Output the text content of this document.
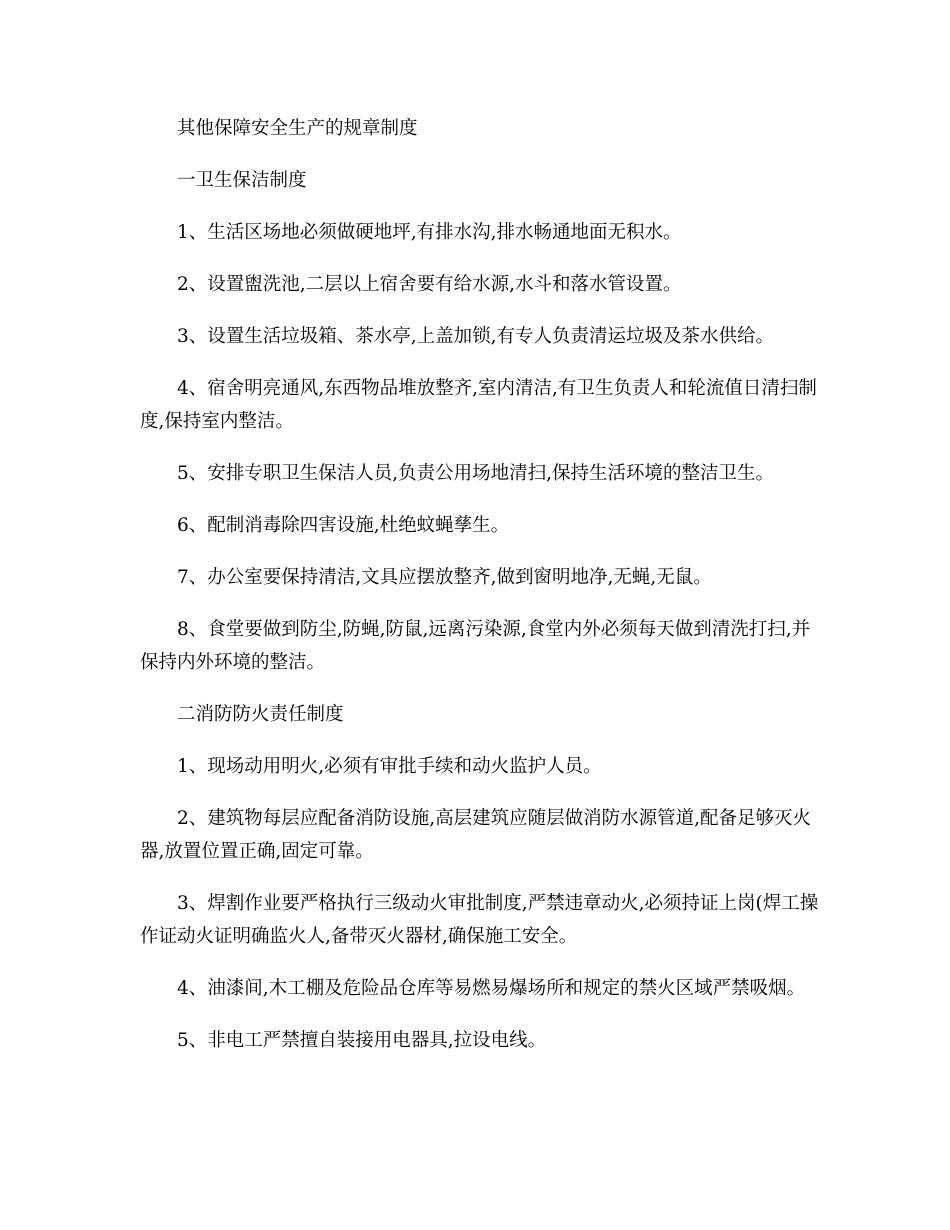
其他保障安全生产的规章制度

一卫生保洁制度

1、生活区场地必须做硬地坪,有排水沟,排水畅通地面无积水。

2、设置盥洗池,二层以上宿舍要有给水源,水斗和落水管设置。

3、设置生活垃圾箱、茶水亭,上盖加锁,有专人负责清运垃圾及茶水供给。

4、宿舍明亮通风,东西物品堆放整齐,室内清洁,有卫生负责人和轮流值日清扫制度,保持室内整洁。

5、安排专职卫生保洁人员,负责公用场地清扫,保持生活环境的整洁卫生。

6、配制消毒除四害设施,杜绝蚊蝇孳生。

7、办公室要保持清洁,文具应摆放整齐,做到窗明地净,无蝇,无鼠。

8、食堂要做到防尘,防蝇,防鼠,远离污染源,食堂内外必须每天做到清洗打扫,并保持内外环境的整洁。

二消防防火责任制度

1、现场动用明火,必须有审批手续和动火监护人员。

2、建筑物每层应配备消防设施,高层建筑应随层做消防水源管道,配备足够灭火器,放置位置正确,固定可靠。

3、焊割作业要严格执行三级动火审批制度,严禁违章动火,必须持证上岗(焊工操作证动火证明确监火人,备带灭火器材,确保施工安全。

4、油漆间,木工棚及危险品仓库等易燃易爆场所和规定的禁火区域严禁吸烟。

5、非电工严禁擅自装接用电器具,拉设电线。
